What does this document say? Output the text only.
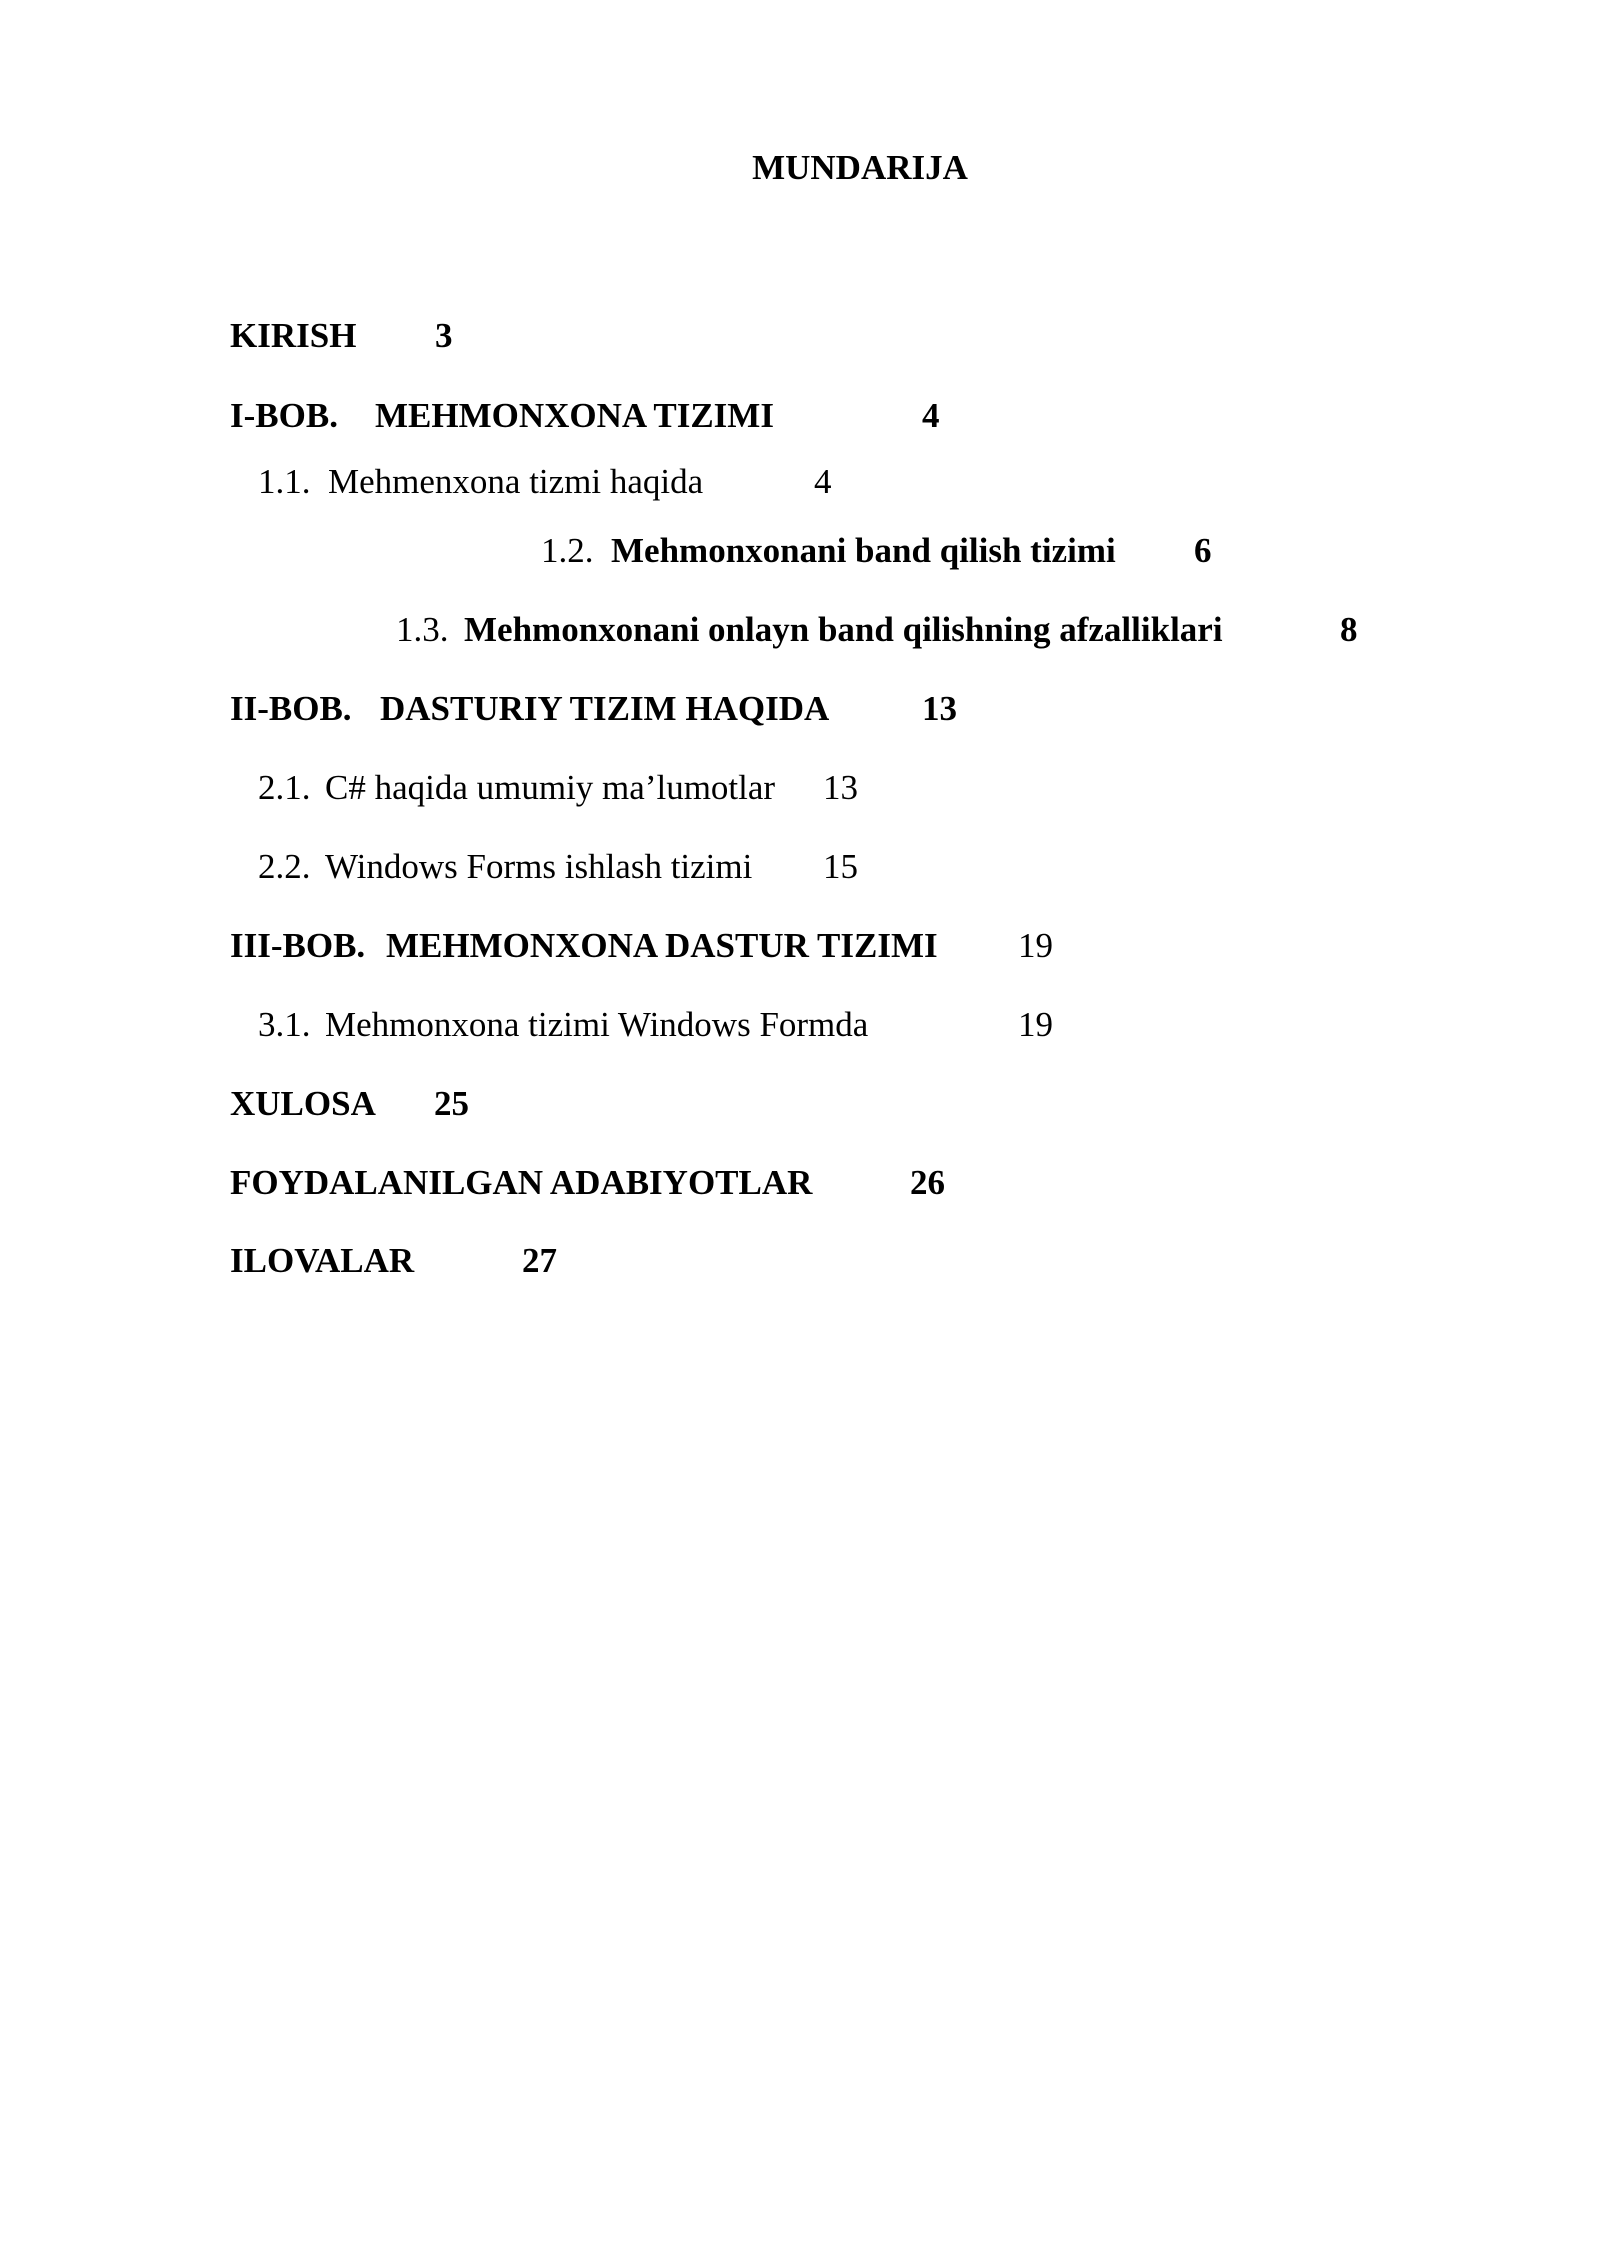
MUNDARIJA
KIRISH 3
I-BOB. MEHMONXONA TIZIMI	4
1.1. Mehmenxona tizmi haqida	4
1.2. Mehmonxonani band qilish tizimi 6
1.3. Mehmonxonani onlayn band qilishning afzalliklari	8
II-BOB. DASTURIY TIZIM HAQIDA	13
2.1. C# haqida umumiy ma’lumotlar 13
2.2. Windows Forms ishlash tizimi 15
III-BOB. MEHMONXONA DASTUR TIZIMI 19
3.1. Mehmonxona tizimi Windows Formda	19
XULOSA 25
FOYDALANILGAN ADABIYOTLAR	26
ILOVALAR	27
